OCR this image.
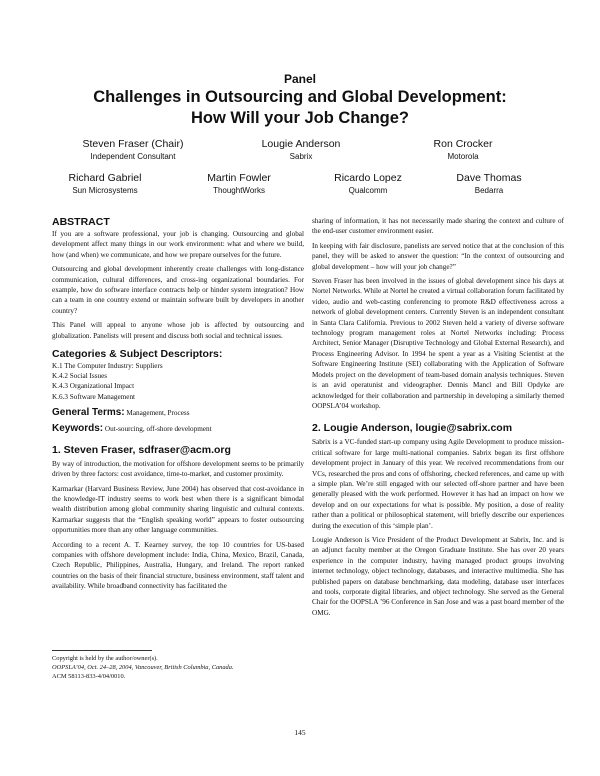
Panel
Challenges in Outsourcing and Global Development:
How Will your Job Change?
Steven Fraser (Chair)
Independent Consultant
Lougie Anderson
Sabrix
Ron Crocker
Motorola
Richard Gabriel
Sun Microsystems
Martin Fowler
ThoughtWorks
Ricardo Lopez
Qualcomm
Dave Thomas
Bedarra
ABSTRACT

If you are a software professional, your job is changing. Outsourcing and global development affect many things in our work environment: what and where we build, how (and when) we communicate, and how we prepare ourselves for the future.

Outsourcing and global development inherently create challenges with long-distance communication, cultural differences, and cross-ing organizational boundaries. For example, how do software interface contracts help or hinder system integration? How can a team in one country extend or maintain software built by developers in another country?

This Panel will appeal to anyone whose job is affected by outsourcing and globalization. Panelists will present and discuss both social and technical issues.

Categories & Subject Descriptors:
K.1 The Computer Industry: Suppliers
K.4.2 Social Issues
K.4.3 Organizational Impact
K.6.3 Software Management
General Terms: Management, Process
Keywords: Out-sourcing, off-shore development
1. Steven Fraser, sdfraser@acm.org

By way of introduction, the motivation for offshore development seems to be primarily driven by three factors: cost avoidance, time-to-market, and customer proximity.

Karmarkar (Harvard Business Review, June 2004) has observed that cost-avoidance in the knowledge-IT industry seems to work best when there is a significant bimodal wealth distribution among global community sharing linguistic and cultural contexts. Karmarkar suggests that the “English speaking world” appears to foster outsourcing opportunities more than any other language communities.

According to a recent A. T. Kearney survey, the top 10 countries for US-based companies with offshore development include: India, China, Mexico, Brazil, Canada, Czech Republic, Philippines, Australia, Hungary, and Ireland. The report ranked countries on the basis of their financial structure, business environment, staff talent and availability. While broadband connectivity has facilitated the

Copyright is held by the author/owner(s).
OOPSLA’04, Oct. 24–28, 2004, Vancouver, British Columbia, Canada.
ACM 58113-833-4/04/0010.

sharing of information, it has not necessarily made sharing the context and culture of the end-user customer environment easier.

In keeping with fair disclosure, panelists are served notice that at the conclusion of this panel, they will be asked to answer the question: “In the context of outsourcing and global development – how will your job change?”

Steven Fraser has been involved in the issues of global development since his days at Nortel Networks. While at Nortel he created a virtual collaboration forum facilitated by video, audio and web-casting conferencing to promote R&D effectiveness across a network of global development centers. Currently Steven is an independent consultant in Santa Clara California. Previous to 2002 Steven held a variety of diverse software technology program management roles at Nortel Networks including: Process Architect, Senior Manager (Disruptive Technology and Global External Research), and Process Engineering Advisor. In 1994 he spent a year as a Visiting Scientist at the Software Engineering Institute (SEI) collaborating with the Application of Software Models project on the development of team-based domain analysis techniques. Steven is an avid operatunist and videographer. Dennis Mancl and Bill Opdyke are acknowledged for their collaboration and partnership in developing a similarly themed OOPSLA’04 workshop.

2. Lougie Anderson, lougie@sabrix.com

Sabrix is a VC-funded start-up company using Agile Development to produce mission-critical software for large multi-national companies. Sabrix began its first offshore development project in January of this year. We received recommendations from our VCs, researched the pros and cons of offshoring, checked references, and came up with a simple plan. We’re still engaged with our selected off-shore partner and have been generally pleased with the work performed. However it has had an impact on how we develop and on our expectations for what is possible. My position, a dose of reality rather than a political or philosophical statement, will briefly describe our experiences during the execution of this ‘simple plan’.

Lougie Anderson is Vice President of the Product Development at Sabrix, Inc. and is an adjunct faculty member at the Oregon Graduate Institute. She has over 20 years experience in the computer industry, having managed product groups involving internet technology, object technology, databases, and interactive multimedia. She has published papers on database benchmarking, data modeling, database user interfaces and tools, corporate digital libraries, and object technology. She served as the General Chair for the OOPSLA ’96 Conference in San Jose and was a past board member of the OMG.

145
